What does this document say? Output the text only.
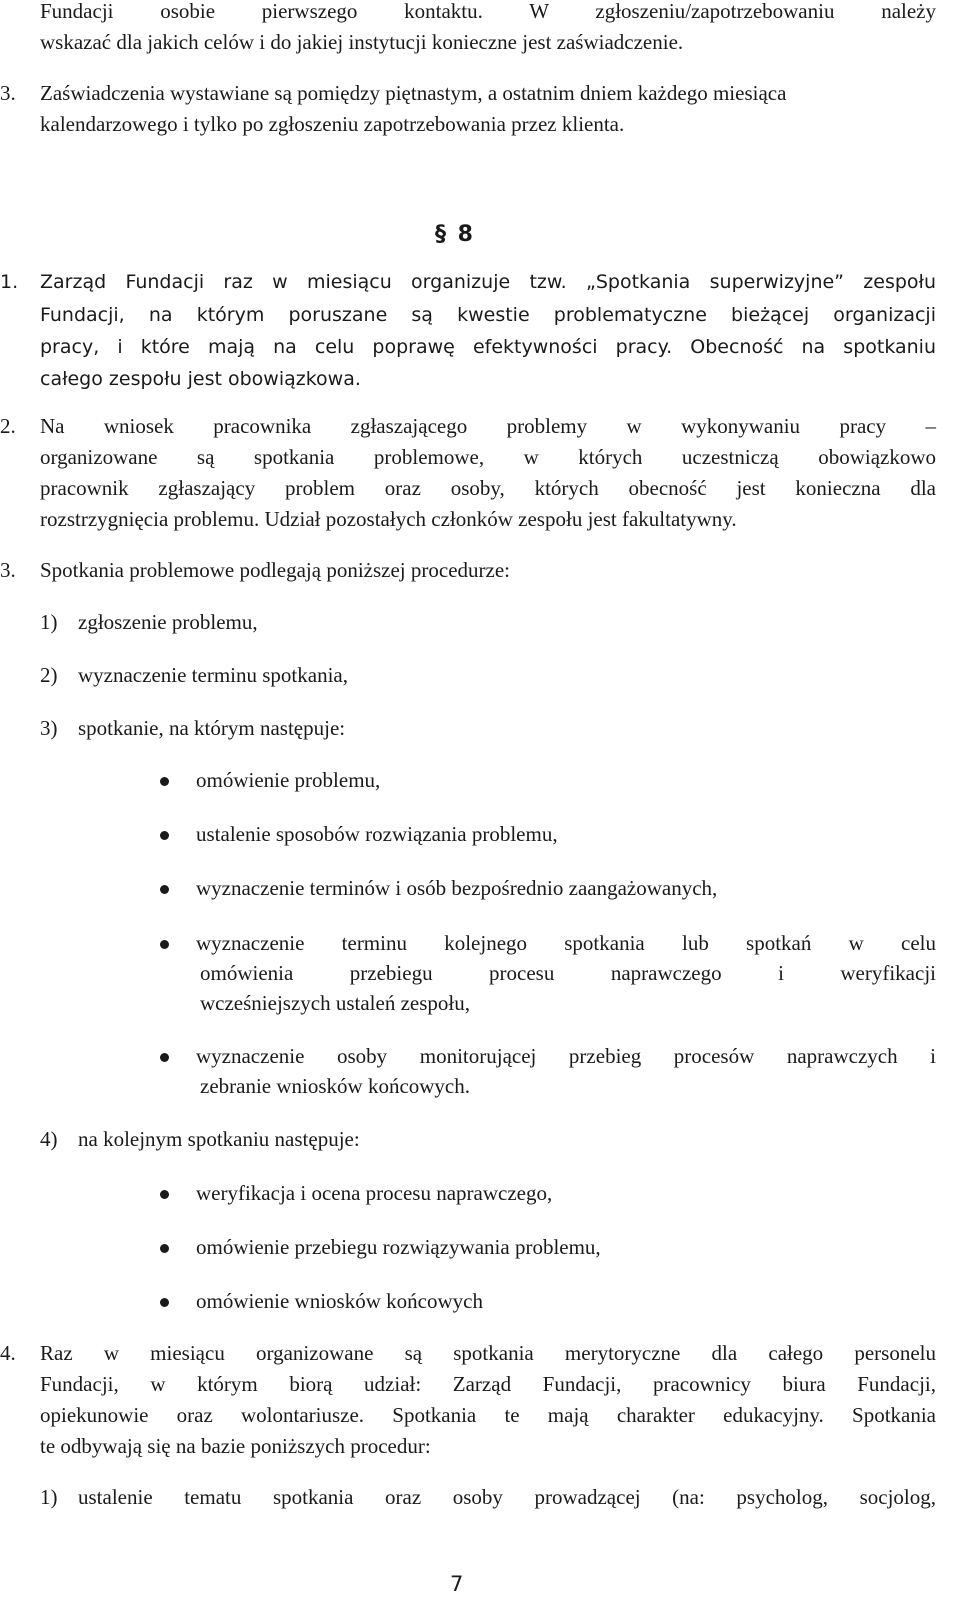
Fundacji osobie pierwszego kontaktu. W zgłoszeniu/zapotrzebowaniu należy

wskazać dla jakich celów i do jakiej instytucji konieczne jest zaświadczenie.

3. Zaświadczenia wystawiane są pomiędzy piętnastym, a ostatnim dniem każdego miesiąca

kalendarzowego i tylko po zgłoszeniu zapotrzebowania przez klienta.

§ 8
1. Zarząd Fundacji raz w miesiącu organizuje tzw. „Spotkania superwizyjne” zespołu

Fundacji, na którym poruszane są kwestie problematyczne bieżącej organizacji

pracy, i które mają na celu poprawę efektywności pracy. Obecność na spotkaniu

całego zespołu jest obowiązkowa.

2. Na wniosek pracownika zgłaszającego problemy w wykonywaniu pracy –

organizowane są spotkania problemowe, w których uczestniczą obowiązkowo

pracownik zgłaszający problem oraz osoby, których obecność jest konieczna dla

rozstrzygnięcia problemu. Udział pozostałych członków zespołu jest fakultatywny.

3. Spotkania problemowe podlegają poniższej procedurze:

1) zgłoszenie problemu,

2) wyznaczenie terminu spotkania,

3) spotkanie, na którym następuje:

omówienie problemu,

ustalenie sposobów rozwiązania problemu,

wyznaczenie terminów i osób bezpośrednio zaangażowanych,

wyznaczenie terminu kolejnego spotkania lub spotkań w celu

omówienia przebiegu procesu naprawczego i weryfikacji

wcześniejszych ustaleń zespołu,

wyznaczenie osoby monitorującej przebieg procesów naprawczych i

zebranie wniosków końcowych.

4) na kolejnym spotkaniu następuje:

weryfikacja i ocena procesu naprawczego,

omówienie przebiegu rozwiązywania problemu,

omówienie wniosków końcowych

4. Raz w miesiącu organizowane są spotkania merytoryczne dla całego personelu

Fundacji, w którym biorą udział: Zarząd Fundacji, pracownicy biura Fundacji,

opiekunowie oraz wolontariusze. Spotkania te mają charakter edukacyjny. Spotkania

te odbywają się na bazie poniższych procedur:

1) ustalenie tematu spotkania oraz osoby prowadzącej (na: psycholog, socjolog,

7
